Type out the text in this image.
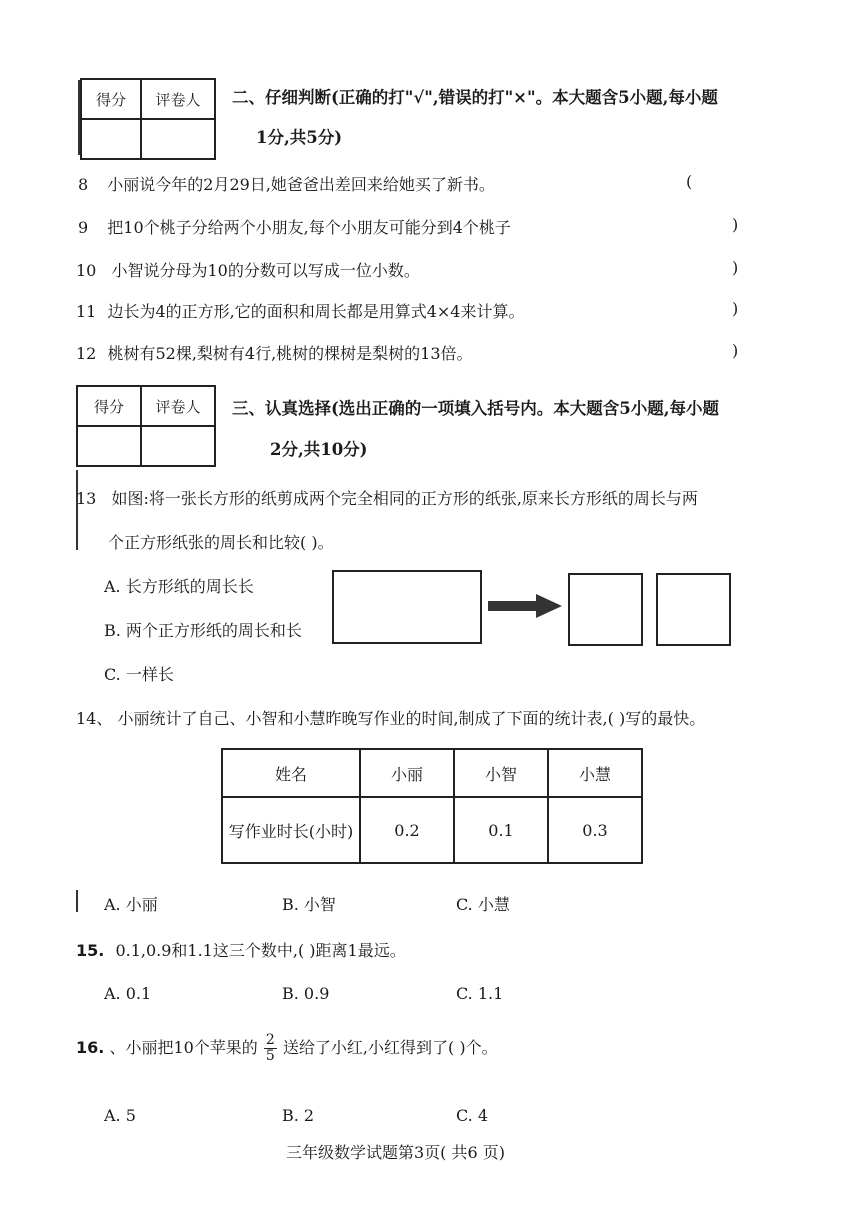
得分	评卷人
	二、仔细判断(正确的打"√",错误的打"×"。本大题含5小题,每小题
1分,共5分)
8 小丽说今年的2月29日,她爸爸出差回来给她买了新书。	(
9 把10个桃子分给两个小朋友,每个小朋友可能分到4个桃子	)
10 小智说分母为10的分数可以写成一位小数。	)
11 边长为4的正方形,它的面积和周长都是用算式4×4来计算。	)
12 桃树有52棵,梨树有4行,桃树的棵树是梨树的13倍。	)
得分	评卷人
	三、认真选择(选出正确的一项填入括号内。本大题含5小题,每小题
2分,共10分)
13 如图:将一张长方形的纸剪成两个完全相同的正方形的纸张,原来长方形纸的周长与两
个正方形纸张的周长和比较( )。
A. 长方形纸的周长长
B. 两个正方形纸的周长和长
C. 一样长
14、 小丽统计了自己、小智和小慧昨晚写作业的时间,制成了下面的统计表,( )写的最快。
姓名	小丽	小智	小慧
写作业时长(小时)	0.2	0.1	0.3
A. 小丽	B. 小智	C. 小慧
15. 0.1,0.9和1.1这三个数中,( )距离1最远。
A. 0.1	B. 0.9	C. 1.1
16. 、小丽把10个苹果的 $\frac{2}{5}$ 送给了小红,小红得到了( )个。
A. 5	B. 2	C. 4
三年级数学试题第3页( 共6 页)
